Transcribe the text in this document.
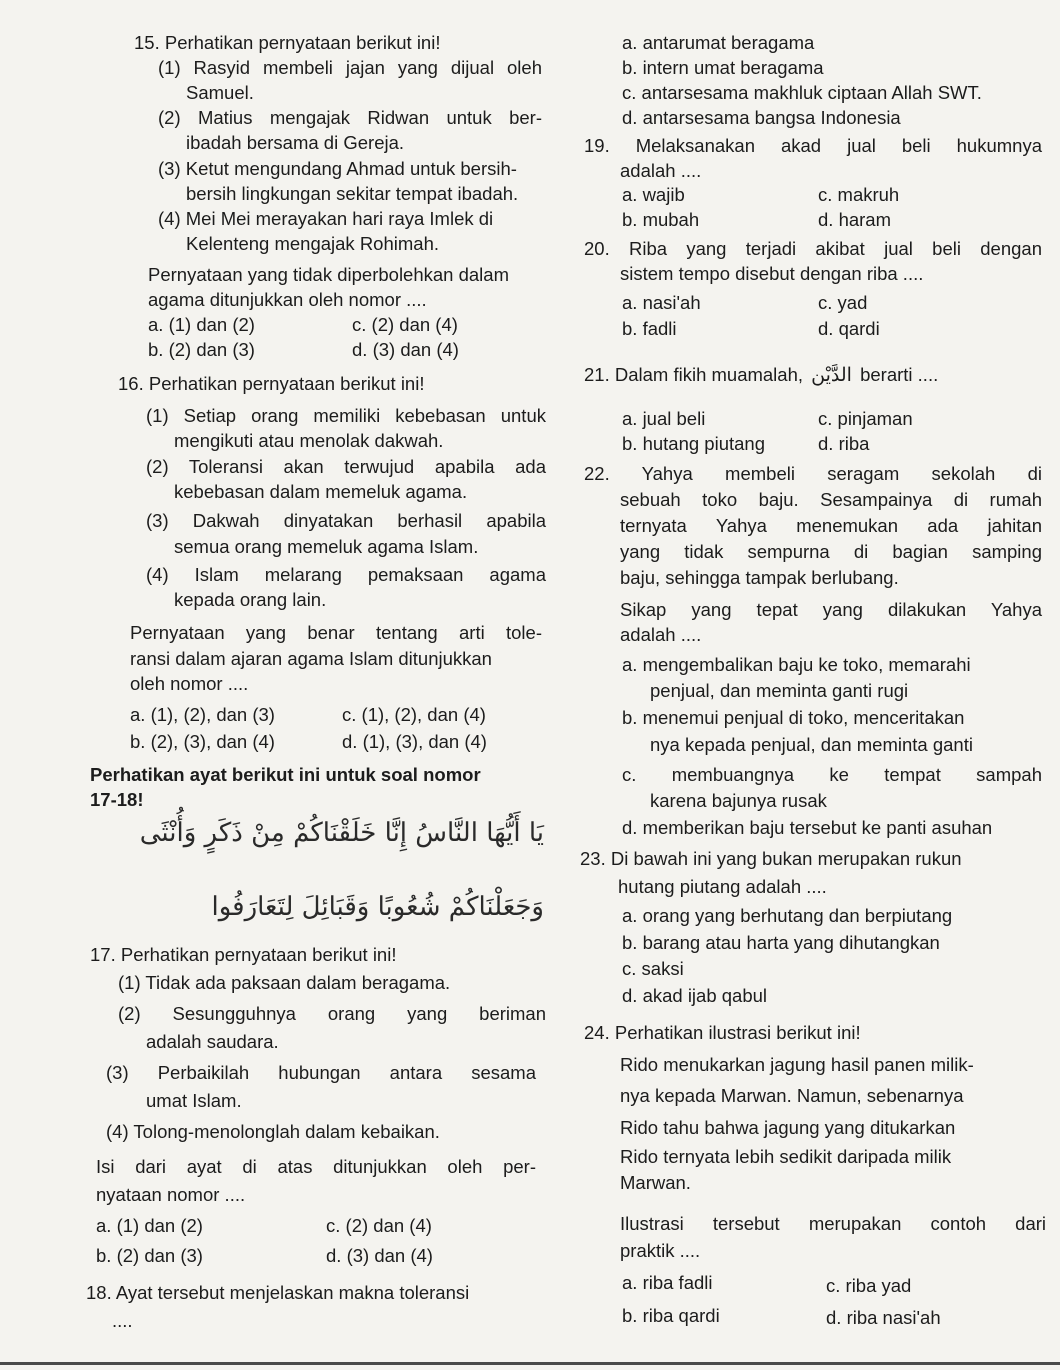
15. Perhatikan pernyataan berikut ini!
(1) Rasyid membeli jajan yang dijual oleh
Samuel.
(2) Matius mengajak Ridwan untuk ber-
ibadah bersama di Gereja.
(3) Ketut mengundang Ahmad untuk bersih-
bersih lingkungan sekitar tempat ibadah.
(4) Mei Mei merayakan hari raya Imlek di
Kelenteng mengajak Rohimah.
Pernyataan yang tidak diperbolehkan dalam
agama ditunjukkan oleh nomor ....
a. (1) dan (2)	c. (2) dan (4)
b. (2) dan (3)	d. (3) dan (4)
16. Perhatikan pernyataan berikut ini!
(1) Setiap orang memiliki kebebasan untuk
mengikuti atau menolak dakwah.
(2) Toleransi akan terwujud apabila ada
kebebasan dalam memeluk agama.
(3) Dakwah dinyatakan berhasil apabila
semua orang memeluk agama Islam.
(4) Islam melarang pemaksaan agama
kepada orang lain.
Pernyataan yang benar tentang arti tole-
ransi dalam ajaran agama Islam ditunjukkan
oleh nomor ....
a. (1), (2), dan (3)	c. (1), (2), dan (4)
b. (2), (3), dan (4)	d. (1), (3), dan (4)
Perhatikan ayat berikut ini untuk soal nomor
17-18!
يَا أَيُّهَا النَّاسُ إِنَّا خَلَقْنَاكُمْ مِنْ ذَكَرٍ وَأُنْثَى
وَجَعَلْنَاكُمْ شُعُوبًا وَقَبَائِلَ لِتَعَارَفُوا
17. Perhatikan pernyataan berikut ini!
(1) Tidak ada paksaan dalam beragama.
(2) Sesungguhnya orang yang beriman
adalah saudara.
(3) Perbaikilah hubungan antara sesama
umat Islam.
(4) Tolong-menolonglah dalam kebaikan.
Isi dari ayat di atas ditunjukkan oleh per-
nyataan nomor ....
a. (1) dan (2)	c. (2) dan (4)
b. (2) dan (3)	d. (3) dan (4)
18. Ayat tersebut menjelaskan makna toleransi
....
a. antarumat beragama
b. intern umat beragama
c. antarsesama makhluk ciptaan Allah SWT.
d. antarsesama bangsa Indonesia
19. Melaksanakan akad jual beli hukumnya
adalah ....
a. wajib	c. makruh
b. mubah	d. haram
20. Riba yang terjadi akibat jual beli dengan
sistem tempo disebut dengan riba ....
a. nasi'ah	c. yad
b. fadli	d. qardi
21. Dalam fikih muamalah, الدَّيْن berarti ....
a. jual beli	c. pinjaman
b. hutang piutang	d. riba
22. Yahya membeli seragam sekolah di
sebuah toko baju. Sesampainya di rumah
ternyata Yahya menemukan ada jahitan
yang tidak sempurna di bagian samping
baju, sehingga tampak berlubang.
Sikap yang tepat yang dilakukan Yahya
adalah ....
a. mengembalikan baju ke toko, memarahi
penjual, dan meminta ganti rugi
b. menemui penjual di toko, menceritakan
nya kepada penjual, dan meminta ganti
c. membuangnya ke tempat sampah
karena bajunya rusak
d. memberikan baju tersebut ke panti asuhan
23. Di bawah ini yang bukan merupakan rukun
hutang piutang adalah ....
a. orang yang berhutang dan berpiutang
b. barang atau harta yang dihutangkan
c. saksi
d. akad ijab qabul
24. Perhatikan ilustrasi berikut ini!
Rido menukarkan jagung hasil panen milik-
nya kepada Marwan. Namun, sebenarnya
Rido tahu bahwa jagung yang ditukarkan
Rido ternyata lebih sedikit daripada milik
Marwan.
Ilustrasi tersebut merupakan contoh dari
praktik ....
a. riba fadli	c. riba yad
b. riba qardi	d. riba nasi'ah
